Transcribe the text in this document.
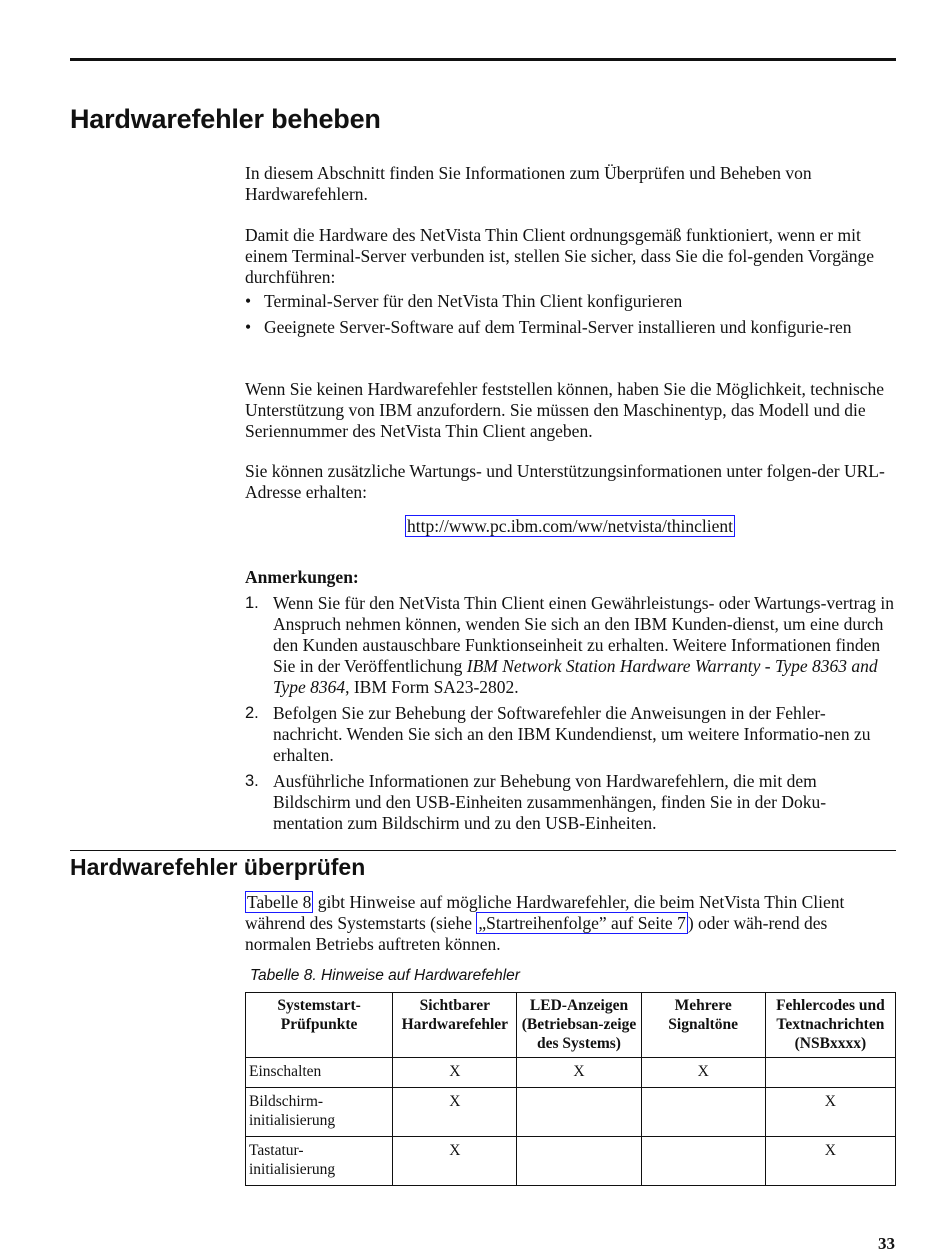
Hardwarefehler beheben

In diesem Abschnitt finden Sie Informationen zum Überprüfen und Beheben von Hardwarefehlern.

Damit die Hardware des NetVista Thin Client ordnungsgemäß funktioniert, wenn er mit einem Terminal-Server verbunden ist, stellen Sie sicher, dass Sie die fol-genden Vorgänge durchführen:

• Terminal-Server für den NetVista Thin Client konfigurieren
• Geeignete Server-Software auf dem Terminal-Server installieren und konfigurie-ren

Wenn Sie keinen Hardwarefehler feststellen können, haben Sie die Möglichkeit, technische Unterstützung von IBM anzufordern. Sie müssen den Maschinentyp, das Modell und die Seriennummer des NetVista Thin Client angeben.

Sie können zusätzliche Wartungs- und Unterstützungsinformationen unter folgen-der URL-Adresse erhalten:

http://www.pc.ibm.com/ww/netvista/thinclient
Anmerkungen:
1. Wenn Sie für den NetVista Thin Client einen Gewährleistungs- oder Wartungs-vertrag in Anspruch nehmen können, wenden Sie sich an den IBM Kunden-dienst, um eine durch den Kunden austauschbare Funktionseinheit zu erhalten. Weitere Informationen finden Sie in der Veröffentlichung IBM Network Station Hardware Warranty - Type 8363 and Type 8364, IBM Form SA23-2802.
2. Befolgen Sie zur Behebung der Softwarefehler die Anweisungen in der Fehler-nachricht. Wenden Sie sich an den IBM Kundendienst, um weitere Informatio-nen zu erhalten.
3. Ausführliche Informationen zur Behebung von Hardwarefehlern, die mit dem Bildschirm und den USB-Einheiten zusammenhängen, finden Sie in der Doku-mentation zum Bildschirm und zu den USB-Einheiten.
Hardwarefehler überprüfen

Tabelle 8 gibt Hinweise auf mögliche Hardwarefehler, die beim NetVista Thin Client während des Systemstarts (siehe „Startreihenfolge” auf Seite 7 ) oder wäh-rend des normalen Betriebs auftreten können.

Tabelle 8. Hinweise auf Hardwarefehler
Systemstart-Prüfpunkte	Sichtbarer Hardwarefehler	LED-Anzeigen (Betriebsan-zeige des Systems)	Mehrere Signaltöne	Fehlercodes und Textnachrichten (NSBxxxx)
Einschalten	X	X	X	
Bildschirm-initialisierung	X			X
Tastatur-initialisierung	X			X
33
